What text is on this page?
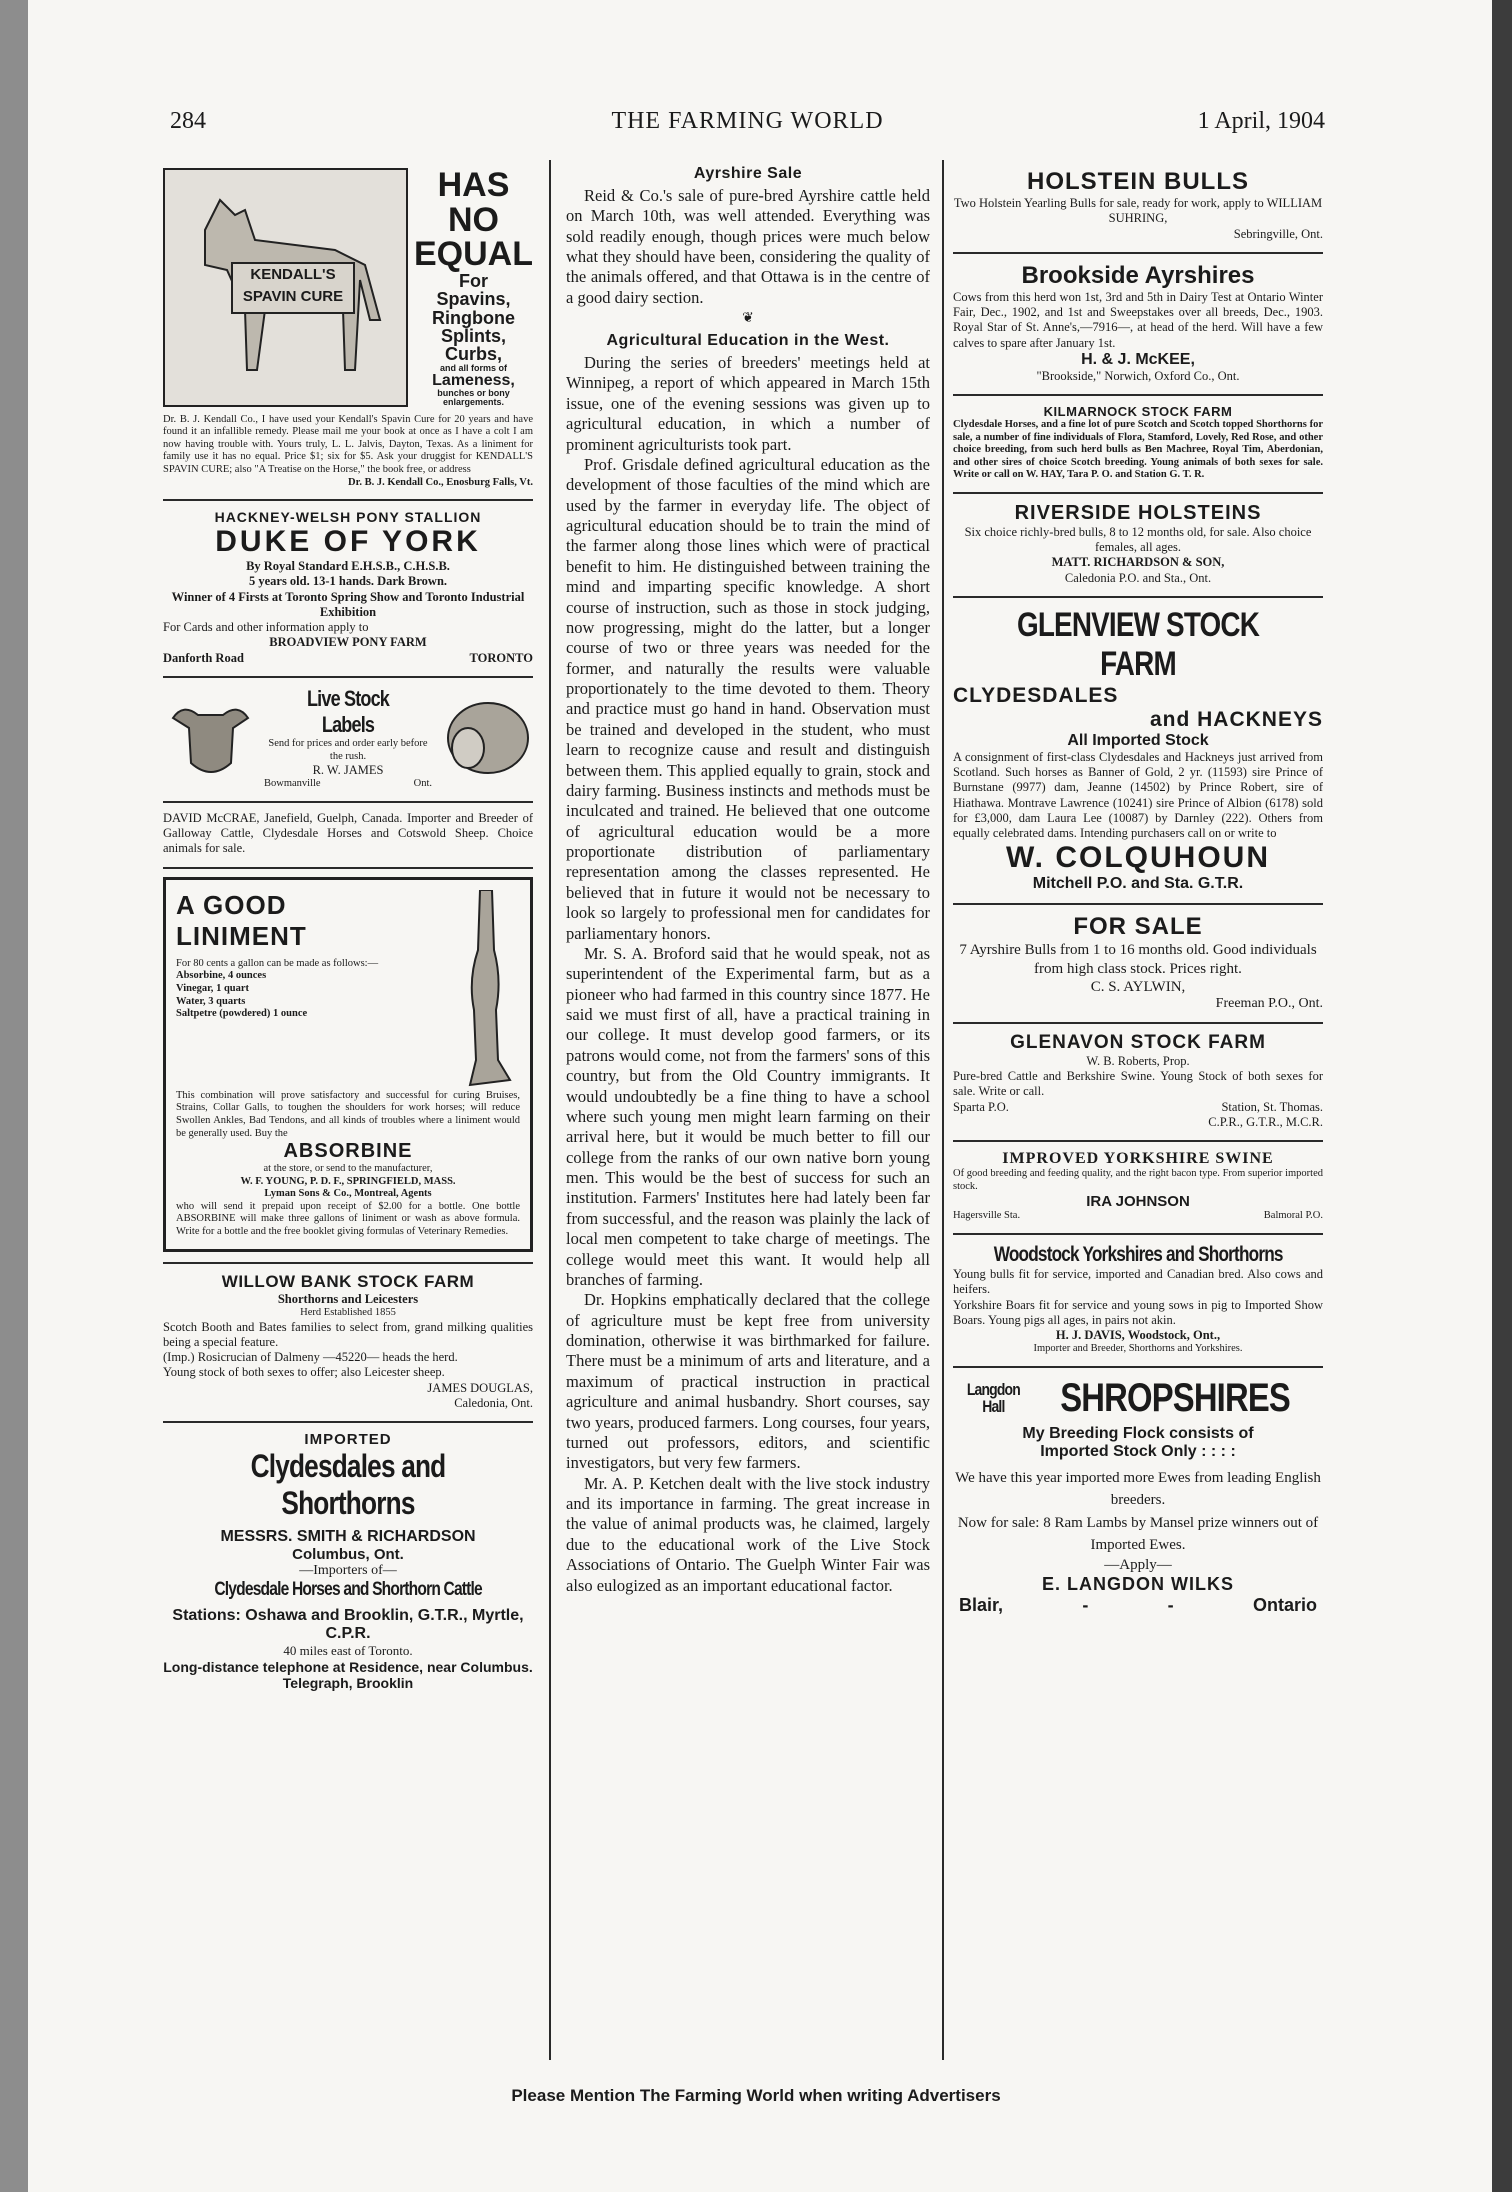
284	THE FARMING WORLD	1 April, 1904
KENDALL'S SPAVIN CURE
HAS NO EQUAL
For
Spavins,
Ringbone
Splints,
Curbs,
and all forms of
Lameness,
bunches or bony enlargements.
Dr. B. J. Kendall Co., I have used your Kendall's Spavin Cure for 20 years and have found it an infallible remedy. Please mail me your book at once as I have a colt I am now having trouble with. Yours truly, L. L. Jalvis, Dayton, Texas. As a liniment for family use it has no equal. Price $1; six for $5. Ask your druggist for KENDALL'S SPAVIN CURE; also "A Treatise on the Horse," the book free, or address
Dr. B. J. Kendall Co., Enosburg Falls, Vt.
HACKNEY-WELSH PONY STALLION
DUKE OF YORK
By Royal Standard E.H.S.B., C.H.S.B.
5 years old. 13-1 hands. Dark Brown.
Winner of 4 Firsts at Toronto Spring Show and Toronto Industrial Exhibition
For Cards and other information apply to
BROADVIEW PONY FARM
Danforth Road	TORONTO
Live Stock Labels
Send for prices and order early before the rush.
R. W. JAMES
Bowmanville	Ont.
DAVID McCRAE, Janefield, Guelph, Canada. Importer and Breeder of Galloway Cattle, Clydesdale Horses and Cotswold Sheep. Choice animals for sale.
A GOOD
LINIMENT
For 80 cents a gallon can be made as follows:—
Absorbine, 4 ounces
Vinegar, 1 quart
Water, 3 quarts
Saltpetre (powdered) 1 ounce
This combination will prove satisfactory and successful for curing Bruises, Strains, Collar Galls, to toughen the shoulders for work horses; will reduce Swollen Ankles, Bad Tendons, and all kinds of troubles where a liniment would be generally used. Buy the
ABSORBINE
at the store, or send to the manufacturer,
W. F. YOUNG, P. D. F., SPRINGFIELD, MASS.
Lyman Sons & Co., Montreal, Agents
who will send it prepaid upon receipt of $2.00 for a bottle. One bottle ABSORBINE will make three gallons of liniment or wash as above formula. Write for a bottle and the free booklet giving formulas of Veterinary Remedies.
WILLOW BANK STOCK FARM
Shorthorns and Leicesters
Herd Established 1855
Scotch Booth and Bates families to select from, grand milking qualities being a special feature.
(Imp.) Rosicrucian of Dalmeny —45220— heads the herd.
Young stock of both sexes to offer; also Leicester sheep.
JAMES DOUGLAS,
Caledonia, Ont.
IMPORTED
Clydesdales and Shorthorns
MESSRS. SMITH & RICHARDSON
Columbus, Ont.
—Importers of—
Clydesdale Horses and Shorthorn Cattle
Stations: Oshawa and Brooklin, G.T.R., Myrtle, C.P.R.
40 miles east of Toronto.
Long-distance telephone at Residence, near Columbus. Telegraph, Brooklin
Ayrshire Sale

Reid & Co.'s sale of pure-bred Ayrshire cattle held on March 10th, was well attended. Everything was sold readily enough, though prices were much below what they should have been, considering the quality of the animals offered, and that Ottawa is in the centre of a good dairy section.

❦
Agricultural Education in the West.

During the series of breeders' meetings held at Winnipeg, a report of which appeared in March 15th issue, one of the evening sessions was given up to agricultural education, in which a number of prominent agriculturists took part.

Prof. Grisdale defined agricultural education as the development of those faculties of the mind which are used by the farmer in everyday life. The object of agricultural education should be to train the mind of the farmer along those lines which were of practical benefit to him. He distinguished between training the mind and imparting specific knowledge. A short course of instruction, such as those in stock judging, now progressing, might do the latter, but a longer course of two or three years was needed for the former, and naturally the results were valuable proportionately to the time devoted to them. Theory and practice must go hand in hand. Observation must be trained and developed in the student, who must learn to recognize cause and result and distinguish between them. This applied equally to grain, stock and dairy farming. Business instincts and methods must be inculcated and trained. He believed that one outcome of agricultural education would be a more proportionate distribution of parliamentary representation among the classes represented. He believed that in future it would not be necessary to look so largely to professional men for candidates for parliamentary honors.

Mr. S. A. Broford said that he would speak, not as superintendent of the Experimental farm, but as a pioneer who had farmed in this country since 1877. He said we must first of all, have a practical training in our college. It must develop good farmers, or its patrons would come, not from the farmers' sons of this country, but from the Old Country immigrants. It would undoubtedly be a fine thing to have a school where such young men might learn farming on their arrival here, but it would be much better to fill our college from the ranks of our own native born young men. This would be the best of success for such an institution. Farmers' Institutes here had lately been far from successful, and the reason was plainly the lack of local men competent to take charge of meetings. The college would meet this want. It would help all branches of farming.

Dr. Hopkins emphatically declared that the college of agriculture must be kept free from university domination, otherwise it was birthmarked for failure. There must be a minimum of arts and literature, and a maximum of practical instruction in practical agriculture and animal husbandry. Short courses, say two years, produced farmers. Long courses, four years, turned out professors, editors, and scientific investigators, but very few farmers.

Mr. A. P. Ketchen dealt with the live stock industry and its importance in farming. The great increase in the value of animal products was, he claimed, largely due to the educational work of the Live Stock Associations of Ontario. The Guelph Winter Fair was also eulogized as an important educational factor.

HOLSTEIN BULLS
Two Holstein Yearling Bulls for sale, ready for work, apply to WILLIAM SUHRING,
Sebringville, Ont.
Brookside Ayrshires
Cows from this herd won 1st, 3rd and 5th in Dairy Test at Ontario Winter Fair, Dec., 1902, and 1st and Sweepstakes over all breeds, Dec., 1903. Royal Star of St. Anne's,—7916—, at head of the herd. Will have a few calves to spare after January 1st.
H. & J. McKEE,
"Brookside," Norwich, Oxford Co., Ont.
KILMARNOCK STOCK FARM
Clydesdale Horses, and a fine lot of pure Scotch and Scotch topped Shorthorns for sale, a number of fine individuals of Flora, Stamford, Lovely, Red Rose, and other choice breeding, from such herd bulls as Ben Machree, Royal Tim, Aberdonian, and other sires of choice Scotch breeding. Young animals of both sexes for sale. Write or call on W. HAY, Tara P. O. and Station G. T. R.
RIVERSIDE HOLSTEINS
Six choice richly-bred bulls, 8 to 12 months old, for sale. Also choice females, all ages.
MATT. RICHARDSON & SON,
Caledonia P.O. and Sta., Ont.
GLENVIEW STOCK FARM
CLYDESDALES
and HACKNEYS
All Imported Stock
A consignment of first-class Clydesdales and Hackneys just arrived from Scotland. Such horses as Banner of Gold, 2 yr. (11593) sire Prince of Burnstane (9977) dam, Jeanne (14502) by Prince Robert, sire of Hiathawa. Montrave Lawrence (10241) sire Prince of Albion (6178) sold for £3,000, dam Laura Lee (10087) by Darnley (222). Others from equally celebrated dams. Intending purchasers call on or write to
W. COLQUHOUN
Mitchell P.O. and Sta. G.T.R.
FOR SALE
7 Ayrshire Bulls from 1 to 16 months old. Good individuals from high class stock. Prices right.
C. S. AYLWIN,
Freeman P.O., Ont.
GLENAVON STOCK FARM
W. B. Roberts, Prop.
Pure-bred Cattle and Berkshire Swine. Young Stock of both sexes for sale. Write or call.
Sparta P.O.	Station, St. Thomas.
C.P.R., G.T.R., M.C.R.
IMPROVED YORKSHIRE SWINE
Of good breeding and feeding quality, and the right bacon type. From superior imported stock.
IRA JOHNSON
Hagersville Sta.	Balmoral P.O.
Woodstock Yorkshires and Shorthorns
Young bulls fit for service, imported and Canadian bred. Also cows and heifers.
Yorkshire Boars fit for service and young sows in pig to Imported Show Boars. Young pigs all ages, in pairs not akin.
H. J. DAVIS, Woodstock, Ont.,
Importer and Breeder, Shorthorns and Yorkshires.
Langdon
Hall	SHROPSHIRES
My Breeding Flock consists of
Imported Stock Only : : : :
We have this year imported more Ewes from leading English breeders.
Now for sale: 8 Ram Lambs by Mansel prize winners out of Imported Ewes.
—Apply—
E. LANGDON WILKS
Blair,	-	-	Ontario
Please Mention The Farming World when writing Advertisers
